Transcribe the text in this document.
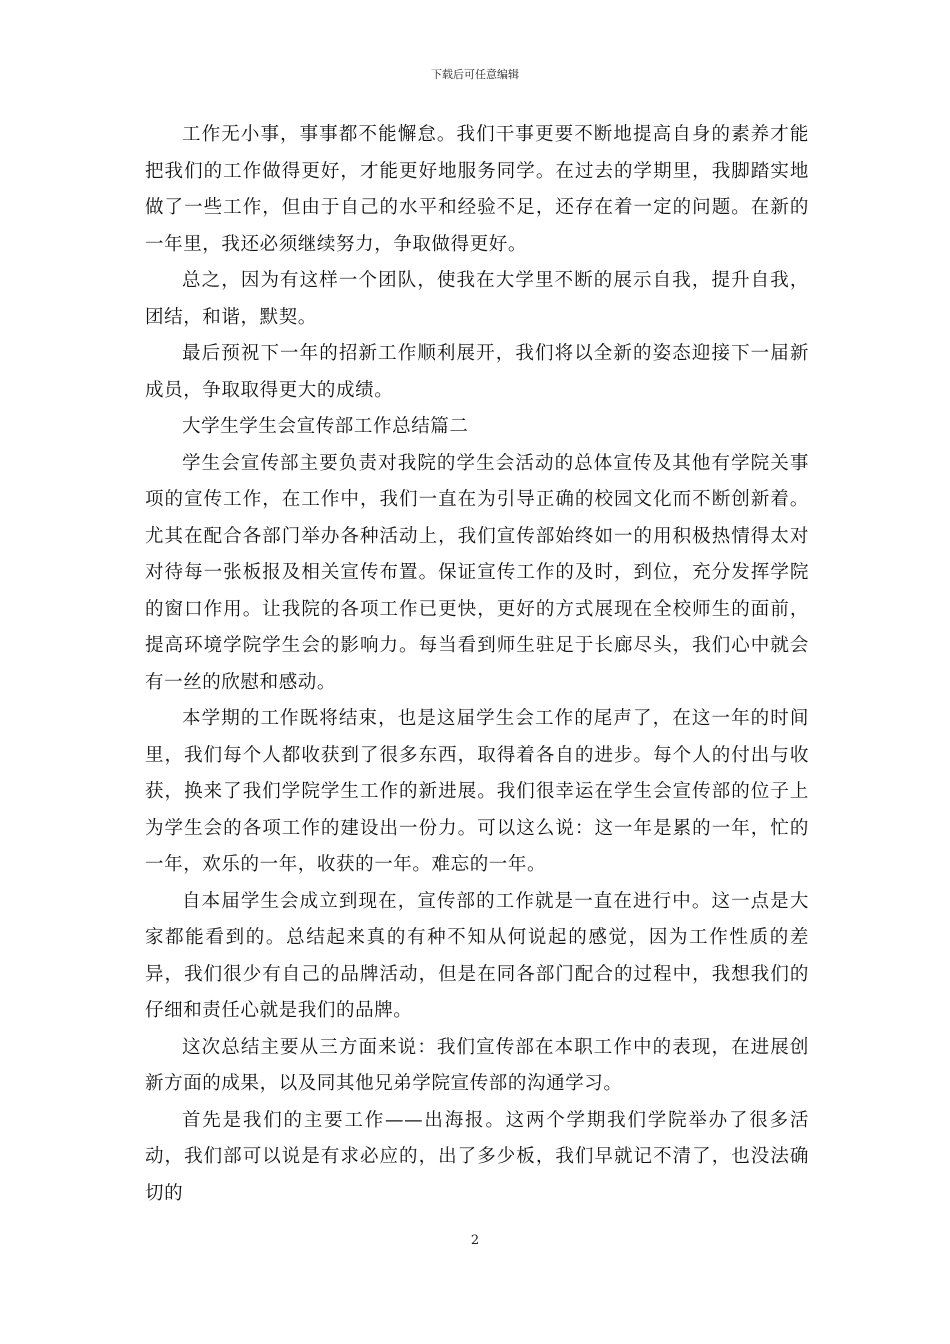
下载后可任意编辑

工作无小事，事事都不能懈怠。我们干事更要不断地提高自身的素养才能把我们的工作做得更好，才能更好地服务同学。在过去的学期里，我脚踏实地做了一些工作，但由于自己的水平和经验不足，还存在着一定的问题。在新的一年里，我还必须继续努力，争取做得更好。

总之，因为有这样一个团队，使我在大学里不断的展示自我，提升自我，团结，和谐，默契。

最后预祝下一年的招新工作顺利展开，我们将以全新的姿态迎接下一届新成员，争取取得更大的成绩。

大学生学生会宣传部工作总结篇二

学生会宣传部主要负责对我院的学生会活动的总体宣传及其他有学院关事项的宣传工作，在工作中，我们一直在为引导正确的校园文化而不断创新着。尤其在配合各部门举办各种活动上，我们宣传部始终如一的用积极热情得太对对待每一张板报及相关宣传布置。保证宣传工作的及时，到位，充分发挥学院的窗口作用。让我院的各项工作已更快，更好的方式展现在全校师生的面前，提高环境学院学生会的影响力。每当看到师生驻足于长廊尽头，我们心中就会有一丝的欣慰和感动。

本学期的工作既将结束，也是这届学生会工作的尾声了，在这一年的时间里，我们每个人都收获到了很多东西，取得着各自的进步。每个人的付出与收获，换来了我们学院学生工作的新进展。我们很幸运在学生会宣传部的位子上为学生会的各项工作的建设出一份力。可以这么说：这一年是累的一年，忙的一年，欢乐的一年，收获的一年。难忘的一年。

自本届学生会成立到现在，宣传部的工作就是一直在进行中。这一点是大家都能看到的。总结起来真的有种不知从何说起的感觉，因为工作性质的差异，我们很少有自己的品牌活动，但是在同各部门配合的过程中，我想我们的仔细和责任心就是我们的品牌。

这次总结主要从三方面来说：我们宣传部在本职工作中的表现，在进展创新方面的成果，以及同其他兄弟学院宣传部的沟通学习。

首先是我们的主要工作——出海报。这两个学期我们学院举办了很多活动，我们部可以说是有求必应的，出了多少板，我们早就记不清了，也没法确切的

2
